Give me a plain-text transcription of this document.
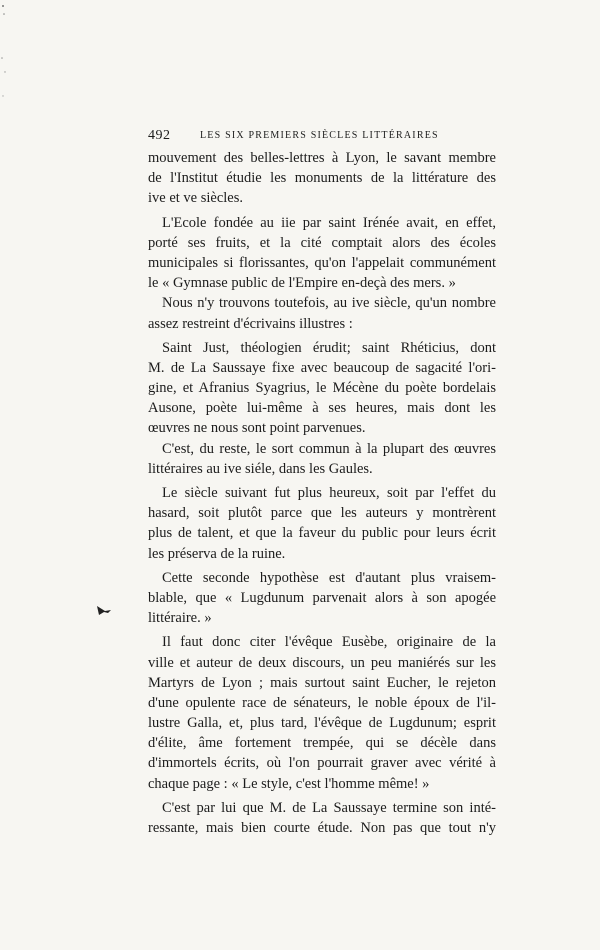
492	LES SIX PREMIERS SIÈCLES LITTÉRAIRES
mouvement des belles-lettres à Lyon, le savant membre
de l'Institut étudie les monuments de la littérature des
ive et ve siècles.
L'Ecole fondée au iie par saint Irénée avait, en effet,
porté ses fruits, et la cité comptait alors des écoles
municipales si florissantes, qu'on l'appelait communément
le « Gymnase public de l'Empire en-deçà des mers. »
Nous n'y trouvons toutefois, au ive siècle, qu'un nombre
assez restreint d'écrivains illustres :
Saint Just, théologien érudit; saint Rhéticius, dont
M. de La Saussaye fixe avec beaucoup de sagacité l'ori-
gine, et Afranius Syagrius, le Mécène du poète bordelais
Ausone, poète lui-même à ses heures, mais dont les
œuvres ne nous sont point parvenues.
C'est, du reste, le sort commun à la plupart des œuvres
littéraires au ive siéle, dans les Gaules.
Le siècle suivant fut plus heureux, soit par l'effet du
hasard, soit plutôt parce que les auteurs y montrèrent
plus de talent, et que la faveur du public pour leurs écrit
les préserva de la ruine.
Cette seconde hypothèse est d'autant plus vraisem-
blable, que « Lugdunum parvenait alors à son apogée
littéraire. »
Il faut donc citer l'évêque Eusèbe, originaire de la
ville et auteur de deux discours, un peu maniérés sur les
Martyrs de Lyon ; mais surtout saint Eucher, le rejeton
d'une opulente race de sénateurs, le noble époux de l'il-
lustre Galla, et, plus tard, l'évêque de Lugdunum; esprit
d'élite, âme fortement trempée, qui se décèle dans
d'immortels écrits, où l'on pourrait graver avec vérité à
chaque page : « Le style, c'est l'homme même! »
C'est par lui que M. de La Saussaye termine son inté-
ressante, mais bien courte étude. Non pas que tout n'y
